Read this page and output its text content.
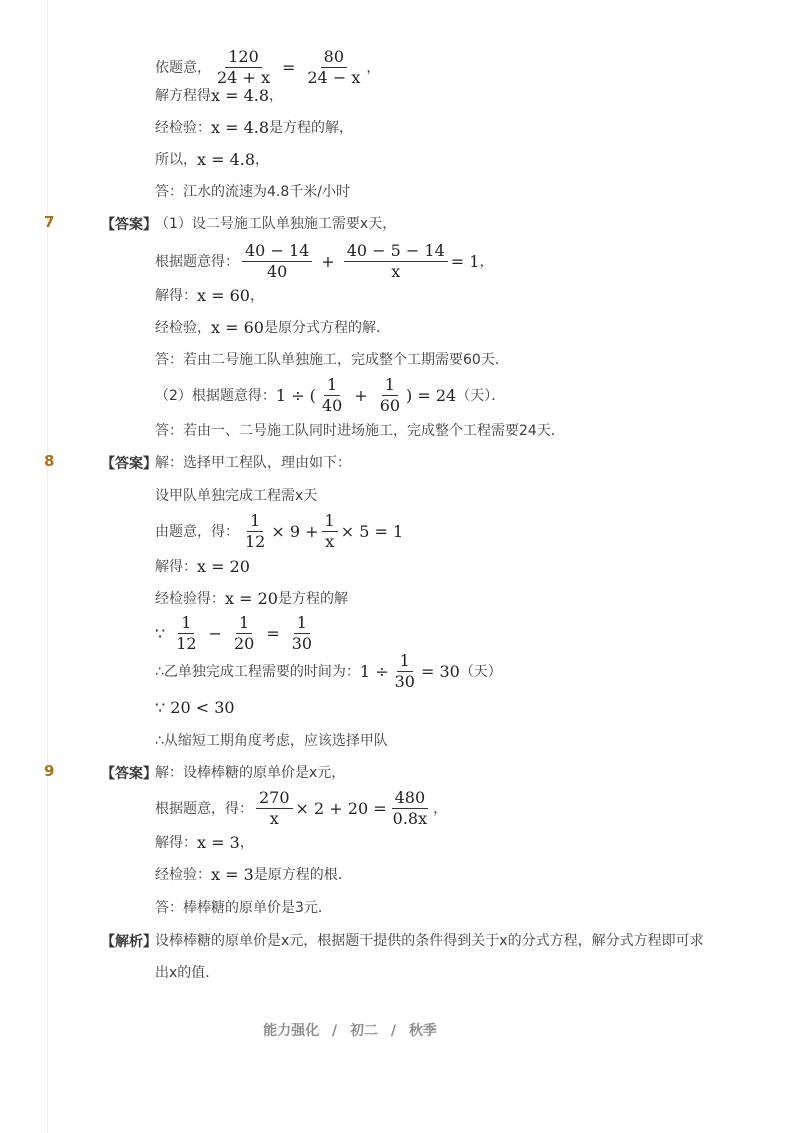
依题意， $\frac{120}{24 + x} = \frac{80}{24 - x}$ ，
解方程得 x = 4.8 ，
经检验： x = 4.8 是方程的解，
所以， x = 4.8 ，
答：江水的流速为4.8千米/小时
7	【答案】
（1）设二号施工队单独施工需要x天，
根据题意得： $\frac{40 - 14}{40} + \frac{40 - 5 - 14}{x} = 1$ ，
解得： x = 60 ，
经检验， x = 60 是原分式方程的解．
答：若由二号施工队单独施工，完成整个工期需要60天．
（2）根据题意得： 1 ÷ ( $\frac{1}{40} + \frac{1}{60}$ ) = 24 （天）．
答：若由一、二号施工队同时进场施工，完成整个工程需要24天．
8	【答案】
解：选择甲工程队，理由如下：
设甲队单独完成工程需x天
由题意，得： $\frac{1}{12} \times 9 + \frac{1}{x} \times 5 = 1$
解得： x = 20
经检验得： x = 20 是方程的解
∵ $\frac{1}{12} - \frac{1}{20} = \frac{1}{30}$
∴乙单独完成工程需要的时间为： $1 \div \frac{1}{30} = 30$ （天）
∵ 20 < 30
∴从缩短工期角度考虑，应该选择甲队
9	【答案】
解：设棒棒糖的原单价是x元，
根据题意，得： $\frac{270}{x} \times 2 + 20 = \frac{480}{0.8x}$ ，
解得： x = 3 ，
经检验： x = 3 是原方程的根．
答：棒棒糖的原单价是3元．
【解析】
设棒棒糖的原单价是x元，根据题干提供的条件得到关于x的分式方程，解分式方程即可求
出x的值．
能力强化 / 初二 / 秋季
